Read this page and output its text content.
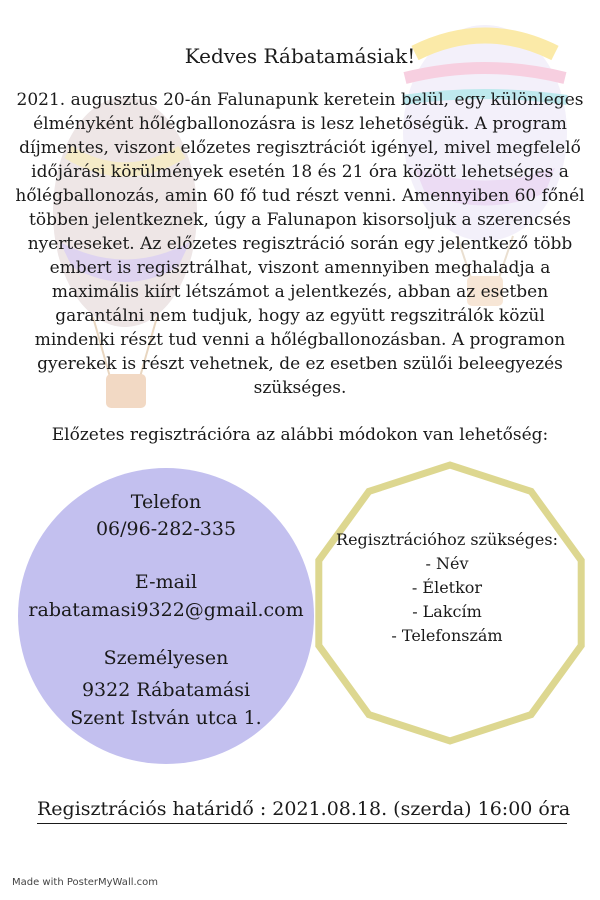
Kedves Rábatamásiak!
2021. augusztus 20-án Falunapunk keretein belül, egy különleges
élményként hőlégballonozásra is lesz lehetőségük. A program
díjmentes, viszont előzetes regisztrációt igényel, mivel megfelelő
időjárási körülmények esetén 18 és 21 óra között lehetséges a
hőlégballonozás, amin 60 fő tud részt venni. Amennyiben 60 főnél
többen jelentkeznek, úgy a Falunapon kisorsoljuk a szerencsés
nyerteseket. Az előzetes regisztráció során egy jelentkező több
embert is regisztrálhat, viszont amennyiben meghaladja a
maximális kiírt létszámot a jelentkezés, abban az esetben
garantálni nem tudjuk, hogy az együtt regszitrálók közül
mindenki részt tud venni a hőlégballonozásban. A programon
gyerekek is részt vehetnek, de ez esetben szülői beleegyezés
szükséges.
Előzetes regisztrációra az alábbi módokon van lehetőség:
Telefon
06/96-282-335
E-mail
rabatamasi9322@gmail.com
Személyesen
9322 Rábatamási
Szent István utca 1.
Regisztrációhoz szükséges:
- Név
- Életkor
- Lakcím
- Telefonszám
Regisztrációs határidő : 2021.08.18. (szerda) 16:00 óra
Made with PosterMyWall.com
